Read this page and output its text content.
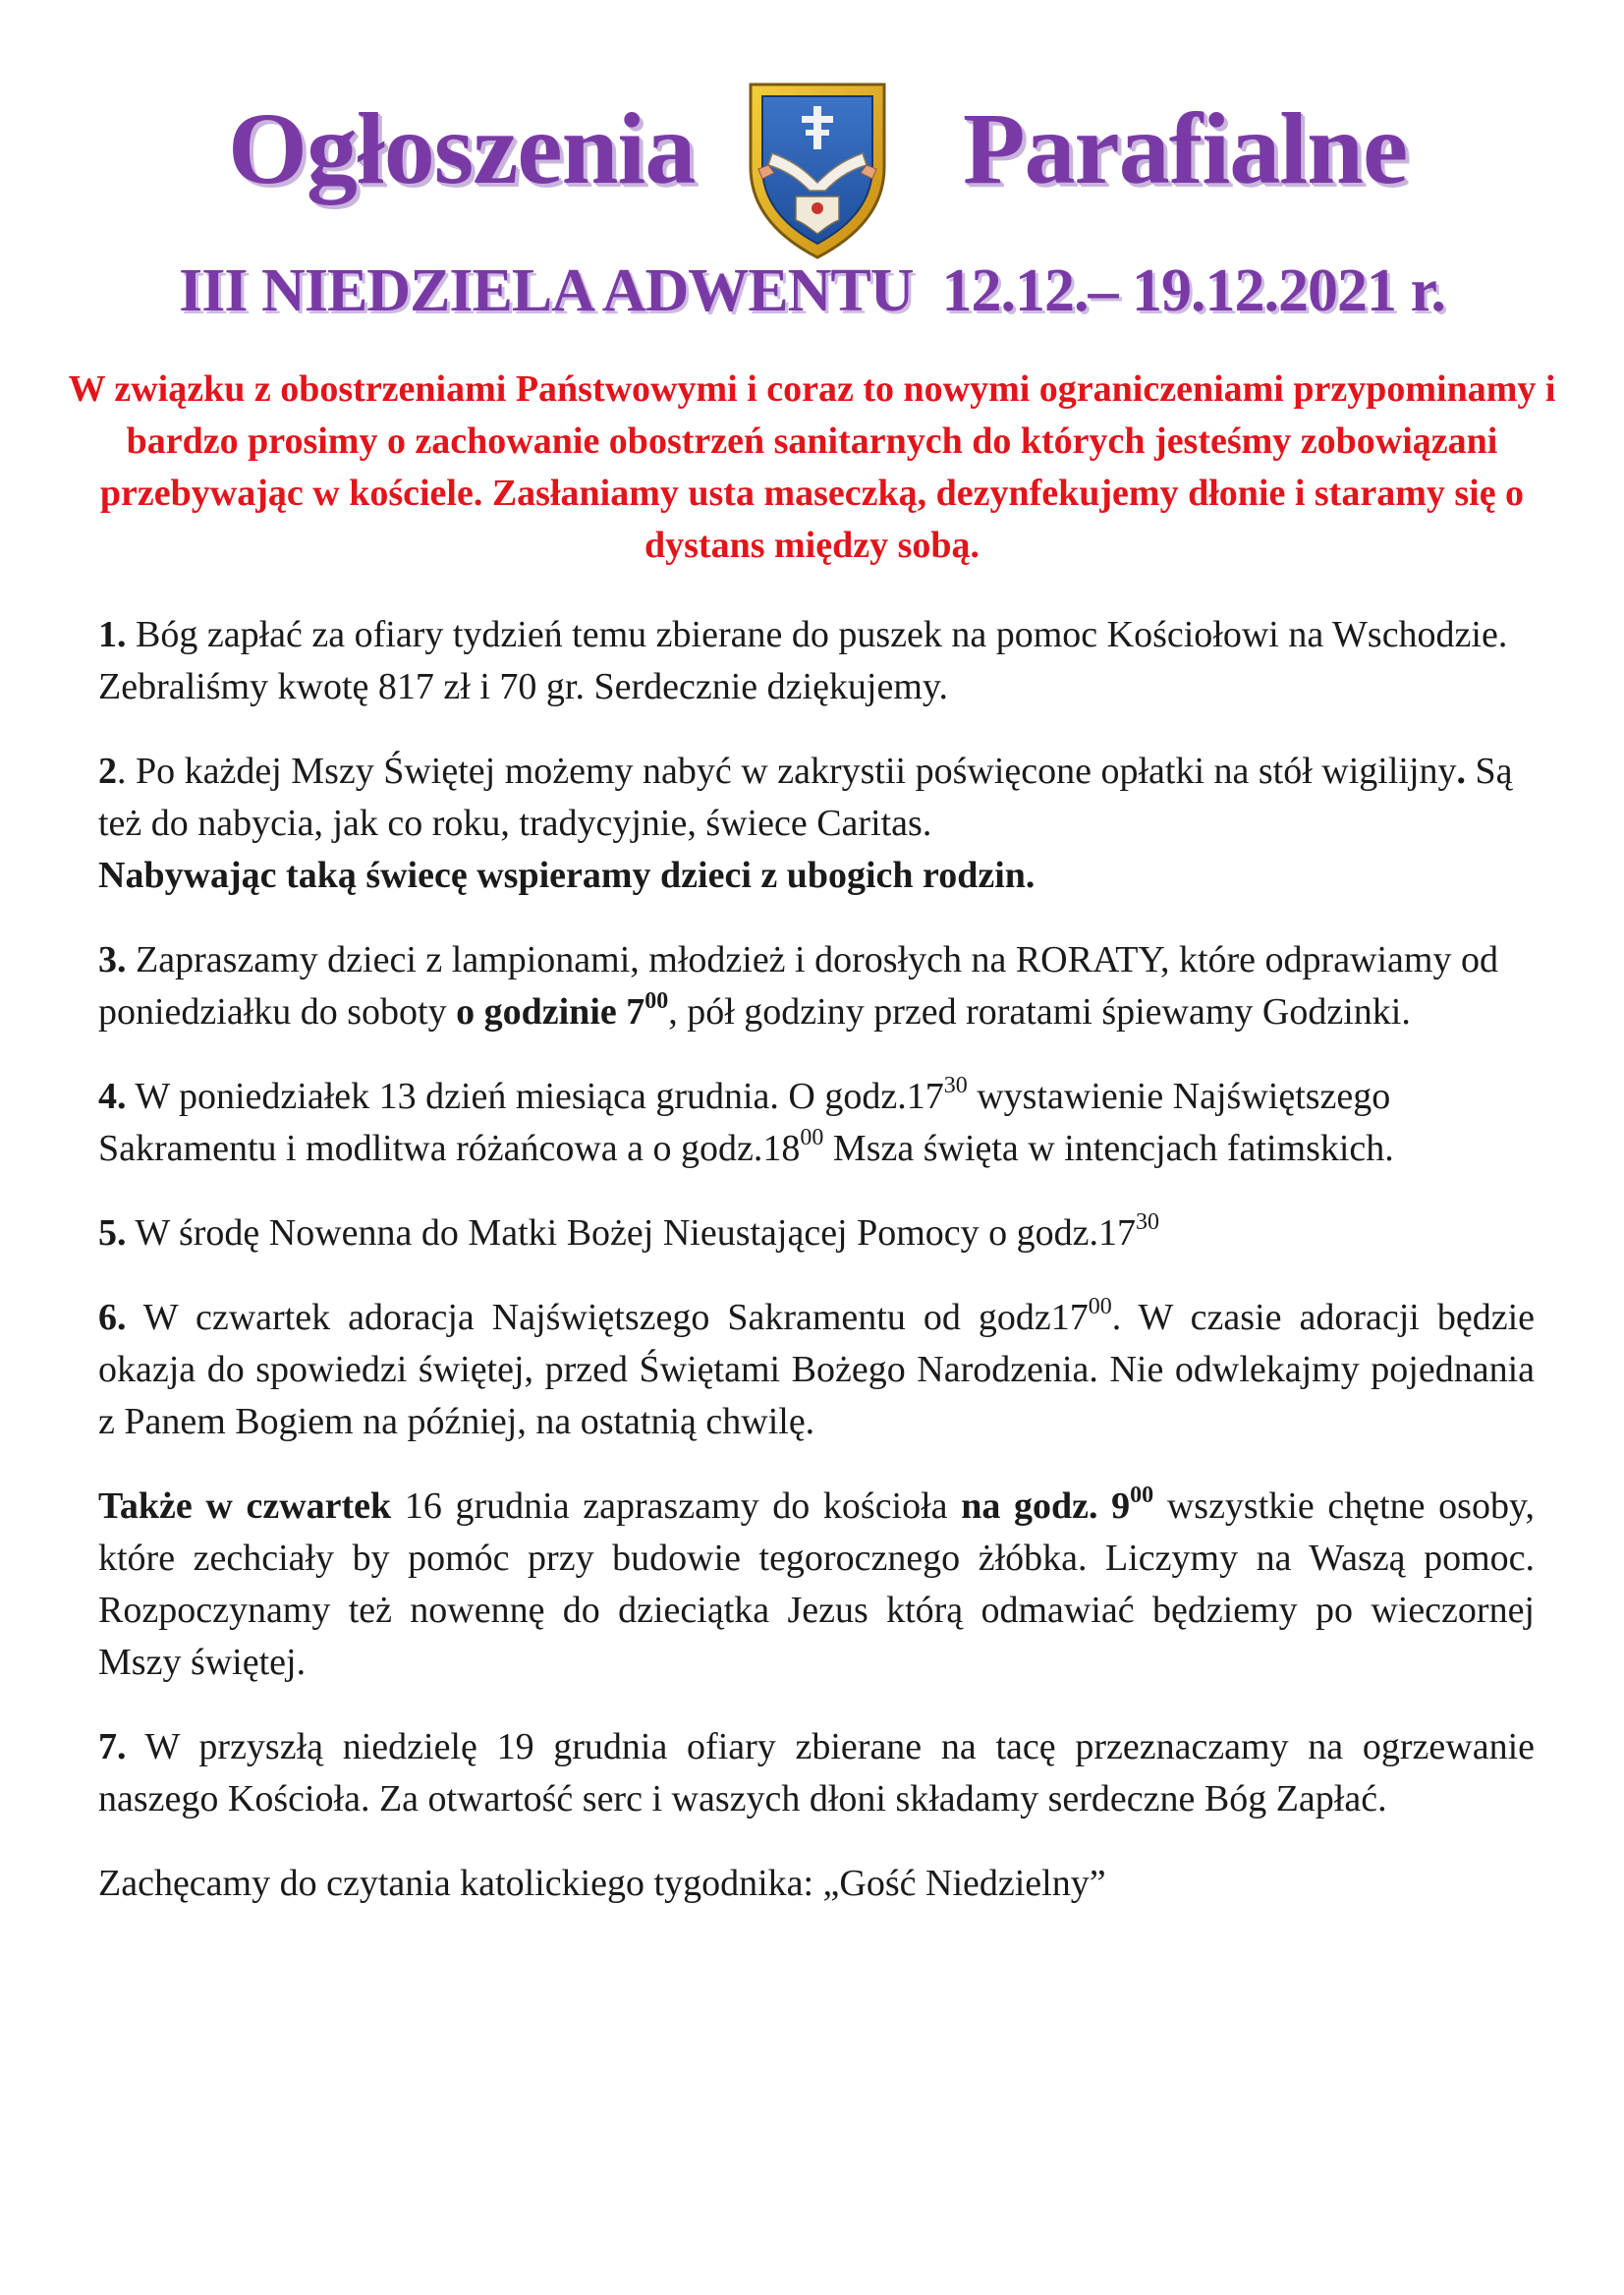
Ogłoszenia	Parafialne
III NIEDZIELA ADWENTU  12.12.– 19.12.2021 r.
W związku z obostrzeniami Państwowymi i coraz to nowymi ograniczeniami przypominamy i bardzo prosimy o zachowanie obostrzeń sanitarnych do których jesteśmy zobowiązani przebywając w kościele. Zasłaniamy usta maseczką, dezynfekujemy dłonie i staramy się o dystans między sobą.

1. Bóg zapłać za ofiary tydzień temu zbierane do puszek na pomoc Kościołowi na Wschodzie. Zebraliśmy kwotę 817 zł i 70 gr. Serdecznie dziękujemy.

2. Po każdej Mszy Świętej możemy nabyć w zakrystii poświęcone opłatki na stół wigilijny. Są też do nabycia, jak co roku, tradycyjnie, świece Caritas.
Nabywając taką świecę wspieramy dzieci z ubogich rodzin.

3. Zapraszamy dzieci z lampionami, młodzież i dorosłych na RORATY, które odprawiamy od poniedziałku do soboty o godzinie $7^{00}$, pół godziny przed roratami śpiewamy Godzinki.

4. W poniedziałek 13 dzień miesiąca grudnia. O $godz.17^{30}$ wystawienie Najświętszego Sakramentu i modlitwa różańcowa a o $godz.18^{00}$ Msza święta w intencjach fatimskich.

5. W środę Nowenna do Matki Bożej Nieustającej Pomocy o $godz.17^{30}$

6. W czwartek adoracja Najświętszego Sakramentu od $godz17^{00}$. W czasie adoracji będzie okazja do spowiedzi świętej, przed Świętami Bożego Narodzenia. Nie odwlekajmy pojednania z Panem Bogiem na później, na ostatnią chwilę.

Także w czwartek 16 grudnia zapraszamy do kościoła na godz. $9^{00}$ wszystkie chętne osoby, które zechciały by pomóc przy budowie tegorocznego żłóbka. Liczymy na Waszą pomoc. Rozpoczynamy też nowennę do dzieciątka Jezus którą odmawiać będziemy po wieczornej Mszy świętej.

7. W przyszłą niedzielę 19 grudnia ofiary zbierane na tacę przeznaczamy na ogrzewanie naszego Kościoła. Za otwartość serc i waszych dłoni składamy serdeczne Bóg Zapłać.

Zachęcamy do czytania katolickiego tygodnika: „Gość Niedzielny”
